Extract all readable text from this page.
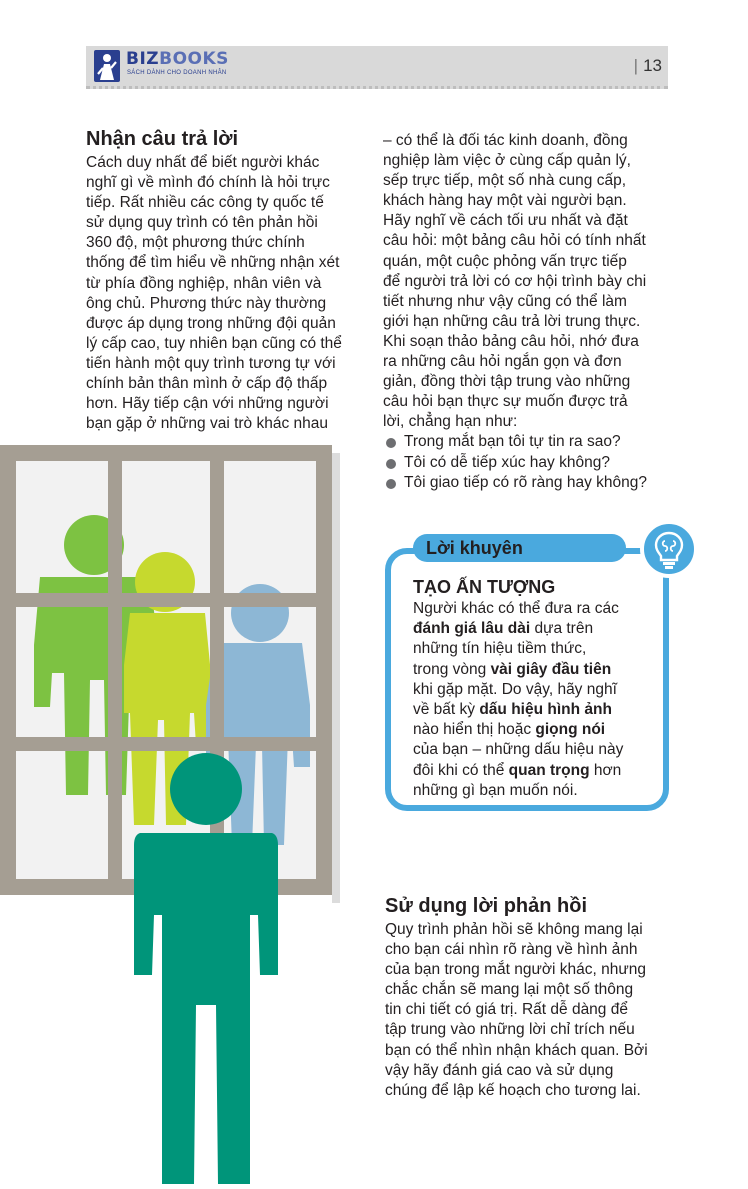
BIZBOOKS
SÁCH DÀNH CHO DOANH NHÂN	| 13
Nhận câu trả lời
Cách duy nhất để biết người khác
nghĩ gì về mình đó chính là hỏi trực
tiếp. Rất nhiều các công ty quốc tế
sử dụng quy trình có tên phản hồi
360 độ, một phương thức chính
thống để tìm hiểu về những nhận xét
từ phía đồng nghiệp, nhân viên và
ông chủ. Phương thức này thường
được áp dụng trong những đội quản
lý cấp cao, tuy nhiên bạn cũng có thể
tiến hành một quy trình tương tự với
chính bản thân mình ở cấp độ thấp
hơn. Hãy tiếp cận với những người
bạn gặp ở những vai trò khác nhau
– có thể là đối tác kinh doanh, đồng
nghiệp làm việc ở cùng cấp quản lý,
sếp trực tiếp, một số nhà cung cấp,
khách hàng hay một vài người bạn.
Hãy nghĩ về cách tối ưu nhất và đặt
câu hỏi: một bảng câu hỏi có tính nhất
quán, một cuộc phỏng vấn trực tiếp
để người trả lời có cơ hội trình bày chi
tiết nhưng như vậy cũng có thể làm
giới hạn những câu trả lời trung thực.
Khi soạn thảo bảng câu hỏi, nhớ đưa
ra những câu hỏi ngắn gọn và đơn
giản, đồng thời tập trung vào những
câu hỏi bạn thực sự muốn được trả
lời, chẳng hạn như:
Trong mắt bạn tôi tự tin ra sao?
Tôi có dễ tiếp xúc hay không?
Tôi giao tiếp có rõ ràng hay không?
Lời khuyên
TẠO ẤN TƯỢNG
Người khác có thể đưa ra các
đánh giá lâu dài dựa trên
những tín hiệu tiềm thức,
trong vòng vài giây đầu tiên
khi gặp mặt. Do vậy, hãy nghĩ
về bất kỳ dấu hiệu hình ảnh
nào hiển thị hoặc giọng nói
của bạn – những dấu hiệu này
đôi khi có thể quan trọng hơn
những gì bạn muốn nói.
Sử dụng lời phản hồi
Quy trình phản hồi sẽ không mang lại
cho bạn cái nhìn rõ ràng về hình ảnh
của bạn trong mắt người khác, nhưng
chắc chắn sẽ mang lại một số thông
tin chi tiết có giá trị. Rất dễ dàng để
tập trung vào những lời chỉ trích nếu
bạn có thể nhìn nhận khách quan. Bởi
vậy hãy đánh giá cao và sử dụng
chúng để lập kế hoạch cho tương lai.
